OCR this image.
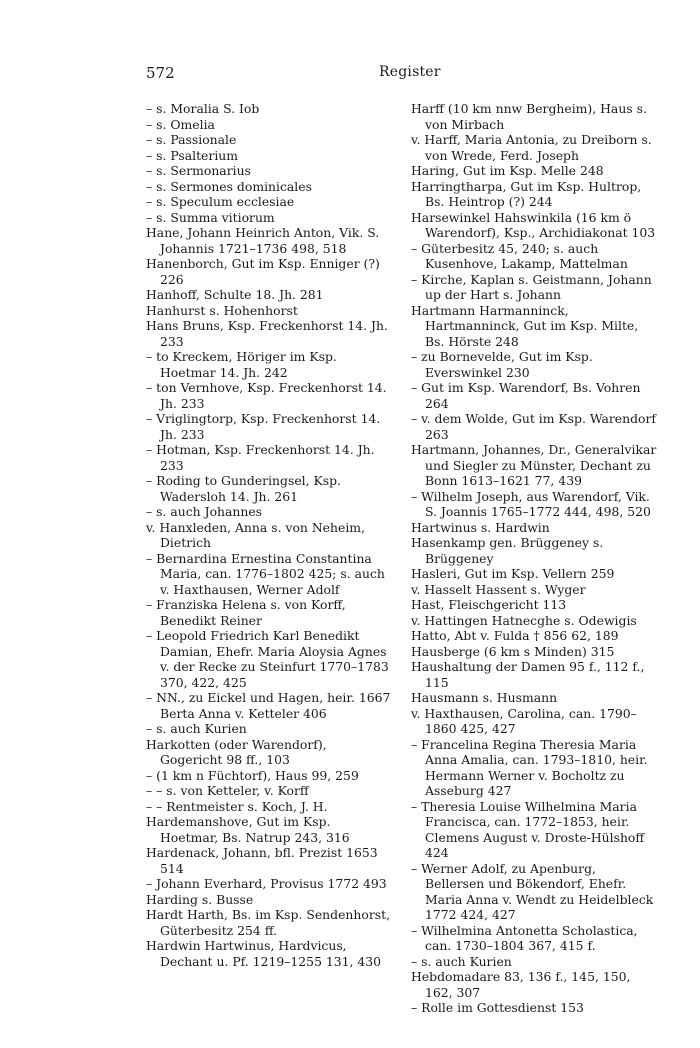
572	Register

– s. Moralia S. Iob

– s. Omelia

– s. Passionale

– s. Psalterium

– s. Sermonarius

– s. Sermones dominicales

– s. Speculum ecclesiae

– s. Summa vitiorum

Hane, Johann Heinrich Anton, Vik. S. Johannis 1721–1736 498, 518

Hanenborch, Gut im Ksp. Enniger (?) 226

Hanhoff, Schulte 18. Jh. 281

Hanhurst s. Hohenhorst

Hans Bruns, Ksp. Freckenhorst 14. Jh. 233

– to Kreckem, Höriger im Ksp. Hoetmar 14. Jh. 242

– ton Vernhove, Ksp. Freckenhorst 14. Jh. 233

– Vriglingtorp, Ksp. Freckenhorst 14. Jh. 233

– Hotman, Ksp. Freckenhorst 14. Jh. 233

– Roding to Gunderingsel, Ksp. Wadersloh 14. Jh. 261

– s. auch Johannes

v. Hanxleden, Anna s. von Neheim, Dietrich

– Bernardina Ernestina Constantina Maria, can. 1776–1802 425; s. auch v. Haxthausen, Werner Adolf

– Franziska Helena s. von Korff, Benedikt Reiner

– Leopold Friedrich Karl Benedikt Damian, Ehefr. Maria Aloysia Agnes v. der Recke zu Steinfurt 1770–1783 370, 422, 425

– NN., zu Eickel und Hagen, heir. 1667 Berta Anna v. Ketteler 406

– s. auch Kurien

Harkotten (oder Warendorf), Gogericht 98 ff., 103

– (1 km n Füchtorf), Haus 99, 259

– – s. von Ketteler, v. Korff

– – Rentmeister s. Koch, J. H.

Hardemanshove, Gut im Ksp. Hoetmar, Bs. Natrup 243, 316

Hardenack, Johann, bfl. Prezist 1653 514

– Johann Everhard, Provisus 1772 493

Harding s. Busse

Hardt Harth, Bs. im Ksp. Sendenhorst, Güterbesitz 254 ff.

Hardwin Hartwinus, Hardvicus, Dechant u. Pf. 1219–1255 131, 430

Harff (10 km nnw Bergheim), Haus s. von Mirbach

v. Harff, Maria Antonia, zu Dreiborn s. von Wrede, Ferd. Joseph

Haring, Gut im Ksp. Melle 248

Harringtharpa, Gut im Ksp. Hultrop, Bs. Heintrop (?) 244

Harsewinkel Hahswinkila (16 km ö Warendorf), Ksp., Archidiakonat 103

– Güterbesitz 45, 240; s. auch Kusenhove, Lakamp, Mattelman

– Kirche, Kaplan s. Geistmann, Johann up der Hart s. Johann

Hartmann Harmanninck, Hartmanninck, Gut im Ksp. Milte, Bs. Hörste 248

– zu Bornevelde, Gut im Ksp. Everswinkel 230

– Gut im Ksp. Warendorf, Bs. Vohren 264

– v. dem Wolde, Gut im Ksp. Warendorf 263

Hartmann, Johannes, Dr., Generalvikar und Siegler zu Münster, Dechant zu Bonn 1613–1621 77, 439

– Wilhelm Joseph, aus Warendorf, Vik. S. Joannis 1765–1772 444, 498, 520

Hartwinus s. Hardwin

Hasenkamp gen. Brüggeney s. Brüggeney

Hasleri, Gut im Ksp. Vellern 259

v. Hasselt Hassent s. Wyger

Hast, Fleischgericht 113

v. Hattingen Hatnecghe s. Odewigis

Hatto, Abt v. Fulda † 856 62, 189

Hausberge (6 km s Minden) 315

Haushaltung der Damen 95 f., 112 f., 115

Hausmann s. Husmann

v. Haxthausen, Carolina, can. 1790–1860 425, 427

– Francelina Regina Theresia Maria Anna Amalia, can. 1793–1810, heir. Hermann Werner v. Bocholtz zu Asseburg 427

– Theresia Louise Wilhelmina Maria Francisca, can. 1772–1853, heir. Clemens August v. Droste-Hülshoff 424

– Werner Adolf, zu Apenburg, Bellersen und Bökendorf, Ehefr. Maria Anna v. Wendt zu Heidelbleck 1772 424, 427

– Wilhelmina Antonetta Scholastica, can. 1730–1804 367, 415 f.

– s. auch Kurien

Hebdomadare 83, 136 f., 145, 150, 162, 307

– Rolle im Gottesdienst 153
